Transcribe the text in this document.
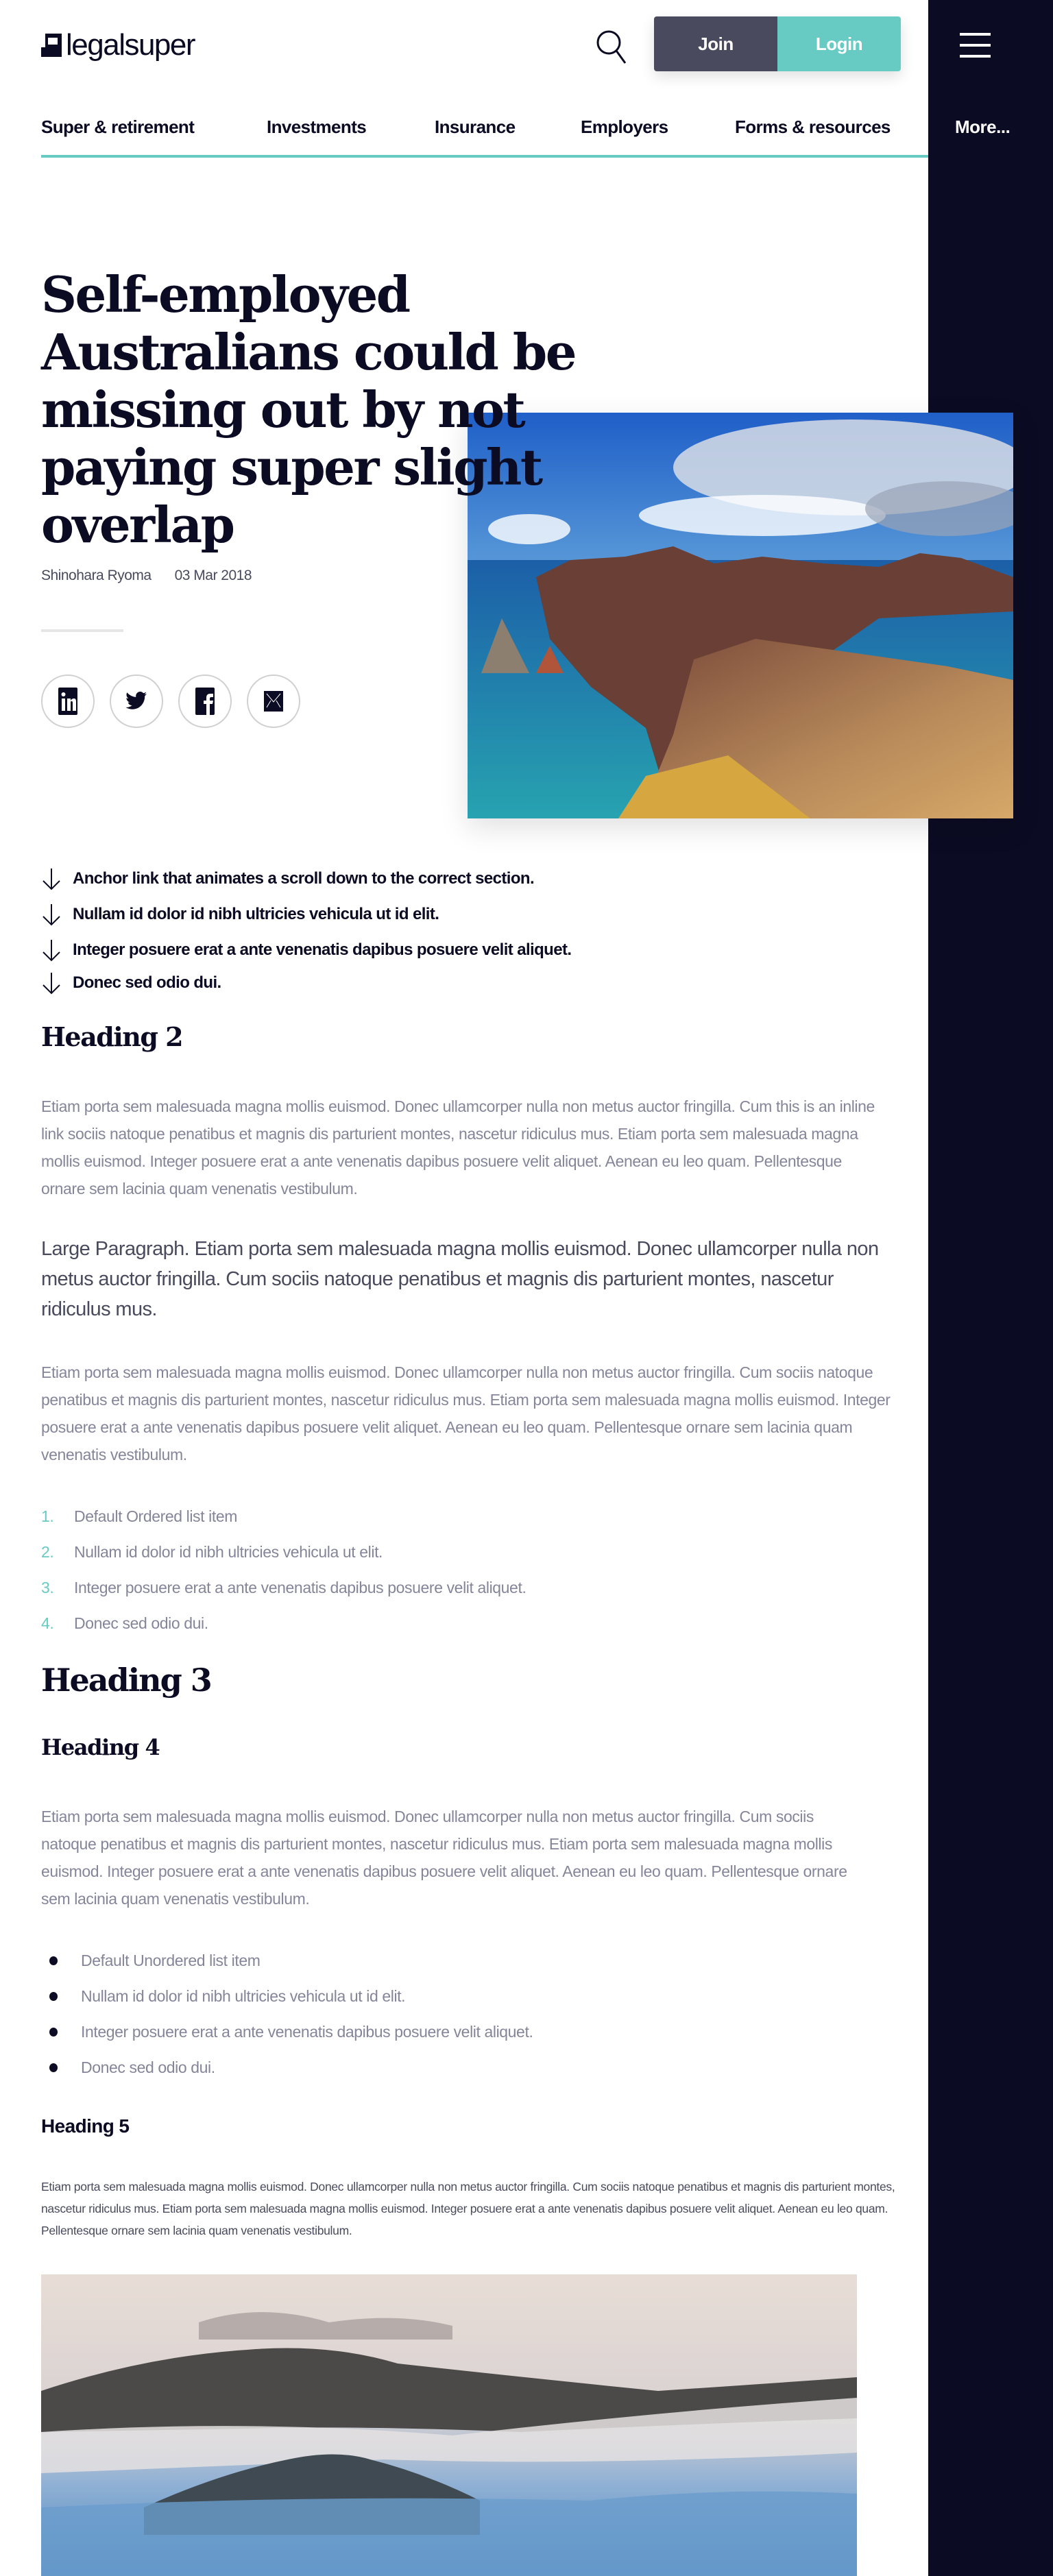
More...
legalsuper	Join	Login
Super & retirement	Investments	Insurance	Employers	Forms & resources
Self-employed Australians could be missing out by not paying super slight overlap
Shinohara Ryoma 03 Mar 2018
Anchor link that animates a scroll down to the correct section.
Nullam id dolor id nibh ultricies vehicula ut id elit.
Integer posuere erat a ante venenatis dapibus posuere velit aliquet.
Donec sed odio dui.
Heading 2

Etiam porta sem malesuada magna mollis euismod. Donec ullamcorper nulla non metus auctor fringilla. Cum this is an inline link sociis natoque penatibus et magnis dis parturient montes, nascetur ridiculus mus. Etiam porta sem malesuada magna mollis euismod. Integer posuere erat a ante venenatis dapibus posuere velit aliquet. Aenean eu leo quam. Pellentesque ornare sem lacinia quam venenatis vestibulum.

Large Paragraph. Etiam porta sem malesuada magna mollis euismod. Donec ullamcorper nulla non metus auctor fringilla. Cum sociis natoque penatibus et magnis dis parturient montes, nascetur ridiculus mus.

Etiam porta sem malesuada magna mollis euismod. Donec ullamcorper nulla non metus auctor fringilla. Cum sociis natoque penatibus et magnis dis parturient montes, nascetur ridiculus mus. Etiam porta sem malesuada magna mollis euismod. Integer posuere erat a ante venenatis dapibus posuere velit aliquet. Aenean eu leo quam. Pellentesque ornare sem lacinia quam venenatis vestibulum.

1.	Default Ordered list item
2.	Nullam id dolor id nibh ultricies vehicula ut elit.
3.	Integer posuere erat a ante venenatis dapibus posuere velit aliquet.
4.	Donec sed odio dui.
Heading 3
Heading 4

Etiam porta sem malesuada magna mollis euismod. Donec ullamcorper nulla non metus auctor fringilla. Cum sociis natoque penatibus et magnis dis parturient montes, nascetur ridiculus mus. Etiam porta sem malesuada magna mollis euismod. Integer posuere erat a ante venenatis dapibus posuere velit aliquet. Aenean eu leo quam. Pellentesque ornare sem lacinia quam venenatis vestibulum.

Default Unordered list item
Nullam id dolor id nibh ultricies vehicula ut id elit.
Integer posuere erat a ante venenatis dapibus posuere velit aliquet.
Donec sed odio dui.
Heading 5

Etiam porta sem malesuada magna mollis euismod. Donec ullamcorper nulla non metus auctor fringilla. Cum sociis natoque penatibus et magnis dis parturient montes, nascetur ridiculus mus. Etiam porta sem malesuada magna mollis euismod. Integer posuere erat a ante venenatis dapibus posuere velit aliquet. Aenean eu leo quam. Pellentesque ornare sem lacinia quam venenatis vestibulum.
